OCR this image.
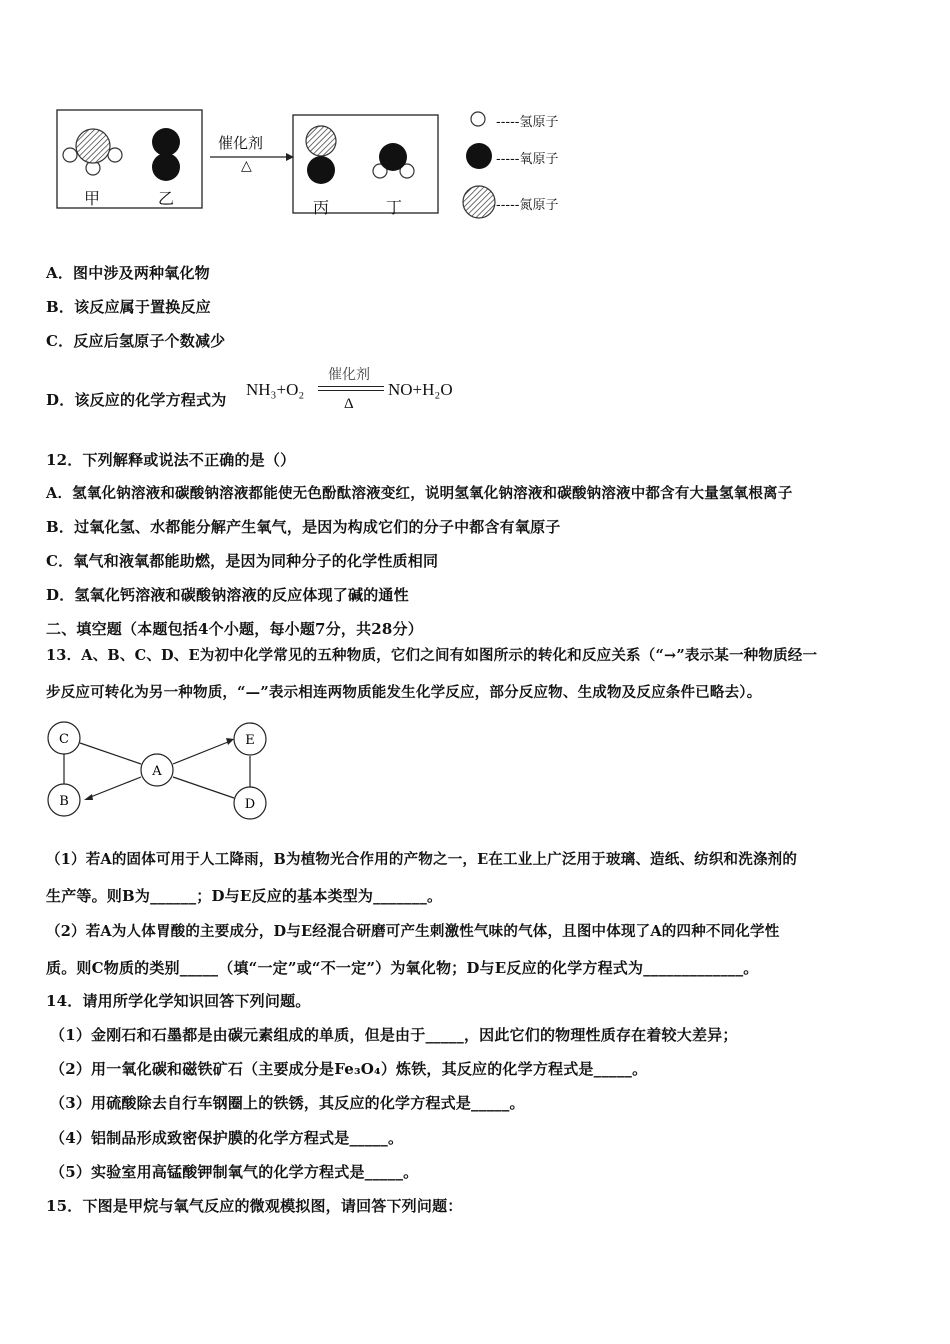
甲	乙
催化剂
△
丙	丁
-----氢原子
-----氧原子
-----氮原子
A．图中涉及两种氧化物
B．该反应属于置换反应
C．反应后氢原子个数减少
D．该反应的化学方程式为
NH₃+O₂
催化剂
Δ
NO+H₂O
12．下列解释或说法不正确的是（）
A．氢氧化钠溶液和碳酸钠溶液都能使无色酚酞溶液变红，说明氢氧化钠溶液和碳酸钠溶液中都含有大量氢氧根离子
B．过氧化氢、水都能分解产生氧气，是因为构成它们的分子中都含有氧原子
C．氧气和液氧都能助燃，是因为同种分子的化学性质相同
D．氢氧化钙溶液和碳酸钠溶液的反应体现了碱的通性
二、填空题（本题包括4个小题，每小题7分，共28分）
13．A、B、C、D、E为初中化学常见的五种物质，它们之间有如图所示的转化和反应关系（“→”表示某一种物质经一
步反应可转化为另一种物质，“—”表示相连两物质能发生化学反应，部分反应物、生成物及反应条件已略去）。
C
B
A
E
D
（1）若A的固体可用于人工降雨，B为植物光合作用的产物之一，E在工业上广泛用于玻璃、造纸、纺织和洗涤剂的
生产等。则B为______；D与E反应的基本类型为_______。
（2）若A为人体胃酸的主要成分，D与E经混合研磨可产生刺激性气味的气体，且图中体现了A的四种不同化学性
质。则C物质的类别_____（填“一定”或“不一定”）为氧化物；D与E反应的化学方程式为_____________。
14．请用所学化学知识回答下列问题。
（1）金刚石和石墨都是由碳元素组成的单质，但是由于_____，因此它们的物理性质存在着较大差异；
（2）用一氧化碳和磁铁矿石（主要成分是Fe₃O₄）炼铁，其反应的化学方程式是_____。
（3）用硫酸除去自行车钢圈上的铁锈，其反应的化学方程式是_____。
（4）铝制品形成致密保护膜的化学方程式是_____。
（5）实验室用高锰酸钾制氧气的化学方程式是_____。
15．下图是甲烷与氧气反应的微观模拟图，请回答下列问题：
